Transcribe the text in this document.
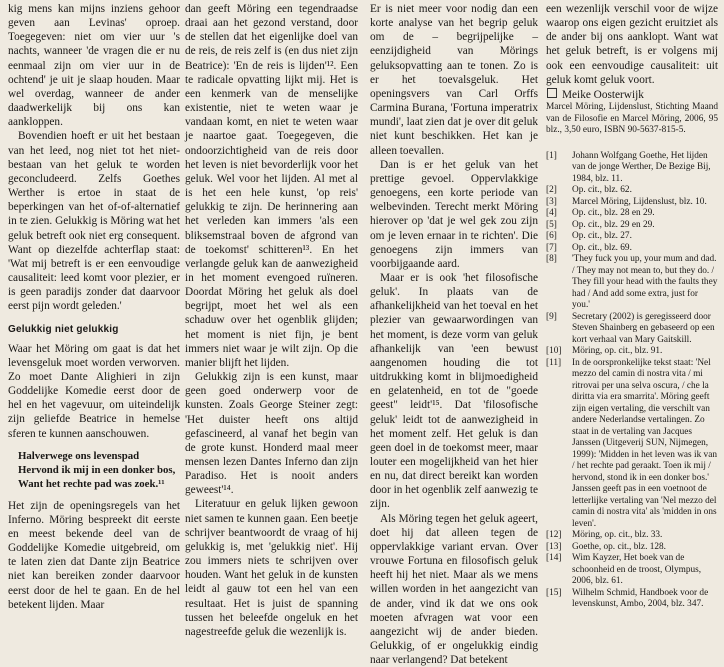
kig mens kan mijns inziens gehoor geven aan Levinas' oproep. Toegegeven: niet om vier uur 's nachts, wanneer 'de vragen die er nu eenmaal zijn om vier uur in de ochtend' je uit je slaap houden. Maar wel overdag, wanneer de ander daadwerkelijk bij ons kan aankloppen.

Bovendien hoeft er uit het bestaan van het leed, nog niet tot het niet-bestaan van het geluk te worden geconcludeerd. Zelfs Goethes Werther is ertoe in staat de beperkingen van het of-of-alternatief in te zien. Gelukkig is Möring wat het geluk betreft ook niet erg consequent. Want op diezelfde achterflap staat: 'Wat mij betreft is er een eenvoudige causaliteit: leed komt voor plezier, er is geen paradijs zonder dat daarvoor eerst pijn wordt geleden.'

Gelukkig niet gelukkig

Waar het Möring om gaat is dat het levensgeluk moet worden verworven. Zo moet Dante Alighieri in zijn Goddelijke Komedie eerst door de hel en het vagevuur, om uiteindelijk zijn geliefde Beatrice in hemelse sferen te kunnen aanschouwen.

Halverwege ons levenspad
Hervond ik mij in een donker bos,
Want het rechte pad was zoek.¹¹

Het zijn de openingsregels van het Inferno. Möring bespreekt dit eerste en meest bekende deel van de Goddelijke Komedie uitgebreid, om te laten zien dat Dante zijn Beatrice niet kan bereiken zonder daarvoor eerst door de hel te gaan. En de hel betekent lijden. Maar

dan geeft Möring een tegendraadse draai aan het gezond verstand, door de stellen dat het eigenlijke doel van de reis, de reis zelf is (en dus niet zijn Beatrice): 'En de reis is lijden'¹². Een te radicale opvatting lijkt mij. Het is een kenmerk van de menselijke existentie, niet te weten waar je vandaan komt, en niet te weten waar je naartoe gaat. Toegegeven, die ondoorzichtigheid van de reis door het leven is niet bevorderlijk voor het geluk. Wel voor het lijden. Al met al is het een hele kunst, 'op reis' gelukkig te zijn. De herinnering aan het verleden kan immers 'als een bliksemstraal boven de afgrond van de toekomst' schitteren¹³. En het verlangde geluk kan de aanwezigheid in het moment evengoed ruïneren. Doordat Möring het geluk als doel begrijpt, moet het wel als een schaduw over het ogenblik glijden; het moment is niet fijn, je bent immers niet waar je wilt zijn. Op die manier blijft het lijden.

Gelukkig zijn is een kunst, maar geen goed onderwerp voor de kunsten. Zoals George Steiner zegt: 'Het duister heeft ons altijd gefascineerd, al vanaf het begin van de grote kunst. Honderd maal meer mensen lezen Dantes Inferno dan zijn Paradiso. Het is nooit anders geweest'¹⁴.

Literatuur en geluk lijken gewoon niet samen te kunnen gaan. Een beetje schrijver beantwoordt de vraag of hij gelukkig is, met 'gelukkig niet'. Hij zou immers niets te schrijven over houden. Want het geluk in de kunsten leidt al gauw tot een hel van een resultaat. Het is juist de spanning tussen het beleefde ongeluk en het nagestreefde geluk die wezenlijk is.

Er is niet meer voor nodig dan een korte analyse van het begrip geluk om de – begrijpelijke – eenzijdigheid van Mörings geluksopvatting aan te tonen. Zo is er het toevalsgeluk. Het openingsvers van Carl Orffs Carmina Burana, 'Fortuna imperatrix mundi', laat zien dat je over dit geluk niet kunt beschikken. Het kan je alleen toevallen.

Dan is er het geluk van het prettige gevoel. Oppervlakkige genoegens, een korte periode van welbevinden. Terecht merkt Möring hierover op 'dat je wel gek zou zijn om je leven ernaar in te richten'. Die genoegens zijn immers van voorbijgaande aard.

Maar er is ook 'het filosofische geluk'. In plaats van de afhankelijkheid van het toeval en het plezier van gewaarwordingen van het moment, is deze vorm van geluk afhankelijk van 'een bewust aangenomen houding die tot uitdrukking komt in blijmoedigheid en gelatenheid, en tot de "goede geest" leidt'¹⁵. Dat 'filosofische geluk' leidt tot de aanwezigheid in het moment zelf. Het geluk is dan geen doel in de toekomst meer, maar louter een mogelijkheid van het hier en nu, dat direct bereikt kan worden door in het ogenblik zelf aanwezig te zijn.

Als Möring tegen het geluk ageert, doet hij dat alleen tegen de oppervlakkige variant ervan. Over vrouwe Fortuna en filosofisch geluk heeft hij het niet. Maar als we mens willen worden in het aangezicht van de ander, vind ik dat we ons ook moeten afvragen wat voor een aangezicht wij de ander bieden. Gelukkig, of er ongelukkig eindig naar verlangend? Dat betekent

een wezenlijk verschil voor de wijze waarop ons eigen gezicht eruitziet als de ander bij ons aanklopt. Want wat het geluk betreft, is er volgens mij ook een eenvoudige causaliteit: uit geluk komt geluk voort.

Meike Oosterwijk

Marcel Möring, Lijdenslust, Stichting Maand van de Filosofie en Marcel Möring, 2006, 95 blz., 3,50 euro, ISBN 90-5637-815-5.

[1] Johann Wolfgang Goethe, Het lijden van de jonge Werther, De Bezige Bij, 1984, blz. 11.
[2] Op. cit., blz. 62.
[3] Marcel Möring, Lijdenslust, blz. 10.
[4] Op. cit., blz. 28 en 29.
[5] Op. cit., blz. 29 en 29.
[6] Op. cit., blz. 27.
[7] Op. cit., blz. 69.
[8] 'They fuck you up, your mum and dad. / They may not mean to, but they do. / They fill your head with the faults they had / And add some extra, just for you.'
[9] Secretary (2002) is geregisseerd door Steven Shainberg en gebaseerd op een kort verhaal van Mary Gaitskill.
[10] Möring, op. cit., blz. 91.
[11] In de oorspronkelijke tekst staat: 'Nel mezzo del camin di nostra vita / mi ritrovai per una selva oscura, / che la diritta via era smarrita'. Möring geeft zijn eigen vertaling, die verschilt van andere Nederlandse vertalingen. Zo staat in de vertaling van Jacques Janssen (Uitgeverij SUN, Nijmegen, 1999): 'Midden in het leven was ik van / het rechte pad geraakt. Toen ik mij / hervond, stond ik in een donker bos.' Janssen geeft pas in een voetnoot de letterlijke vertaling van 'Nel mezzo del camin di nostra vita' als 'midden in ons leven'.
[12] Möring, op. cit., blz. 33.
[13] Goethe, op. cit., blz. 128.
[14] Wim Kayzer, Het boek van de schoonheid en de troost, Olympus, 2006, blz. 61.
[15] Wilhelm Schmid, Handboek voor de levenskunst, Ambo, 2004, blz. 347.
